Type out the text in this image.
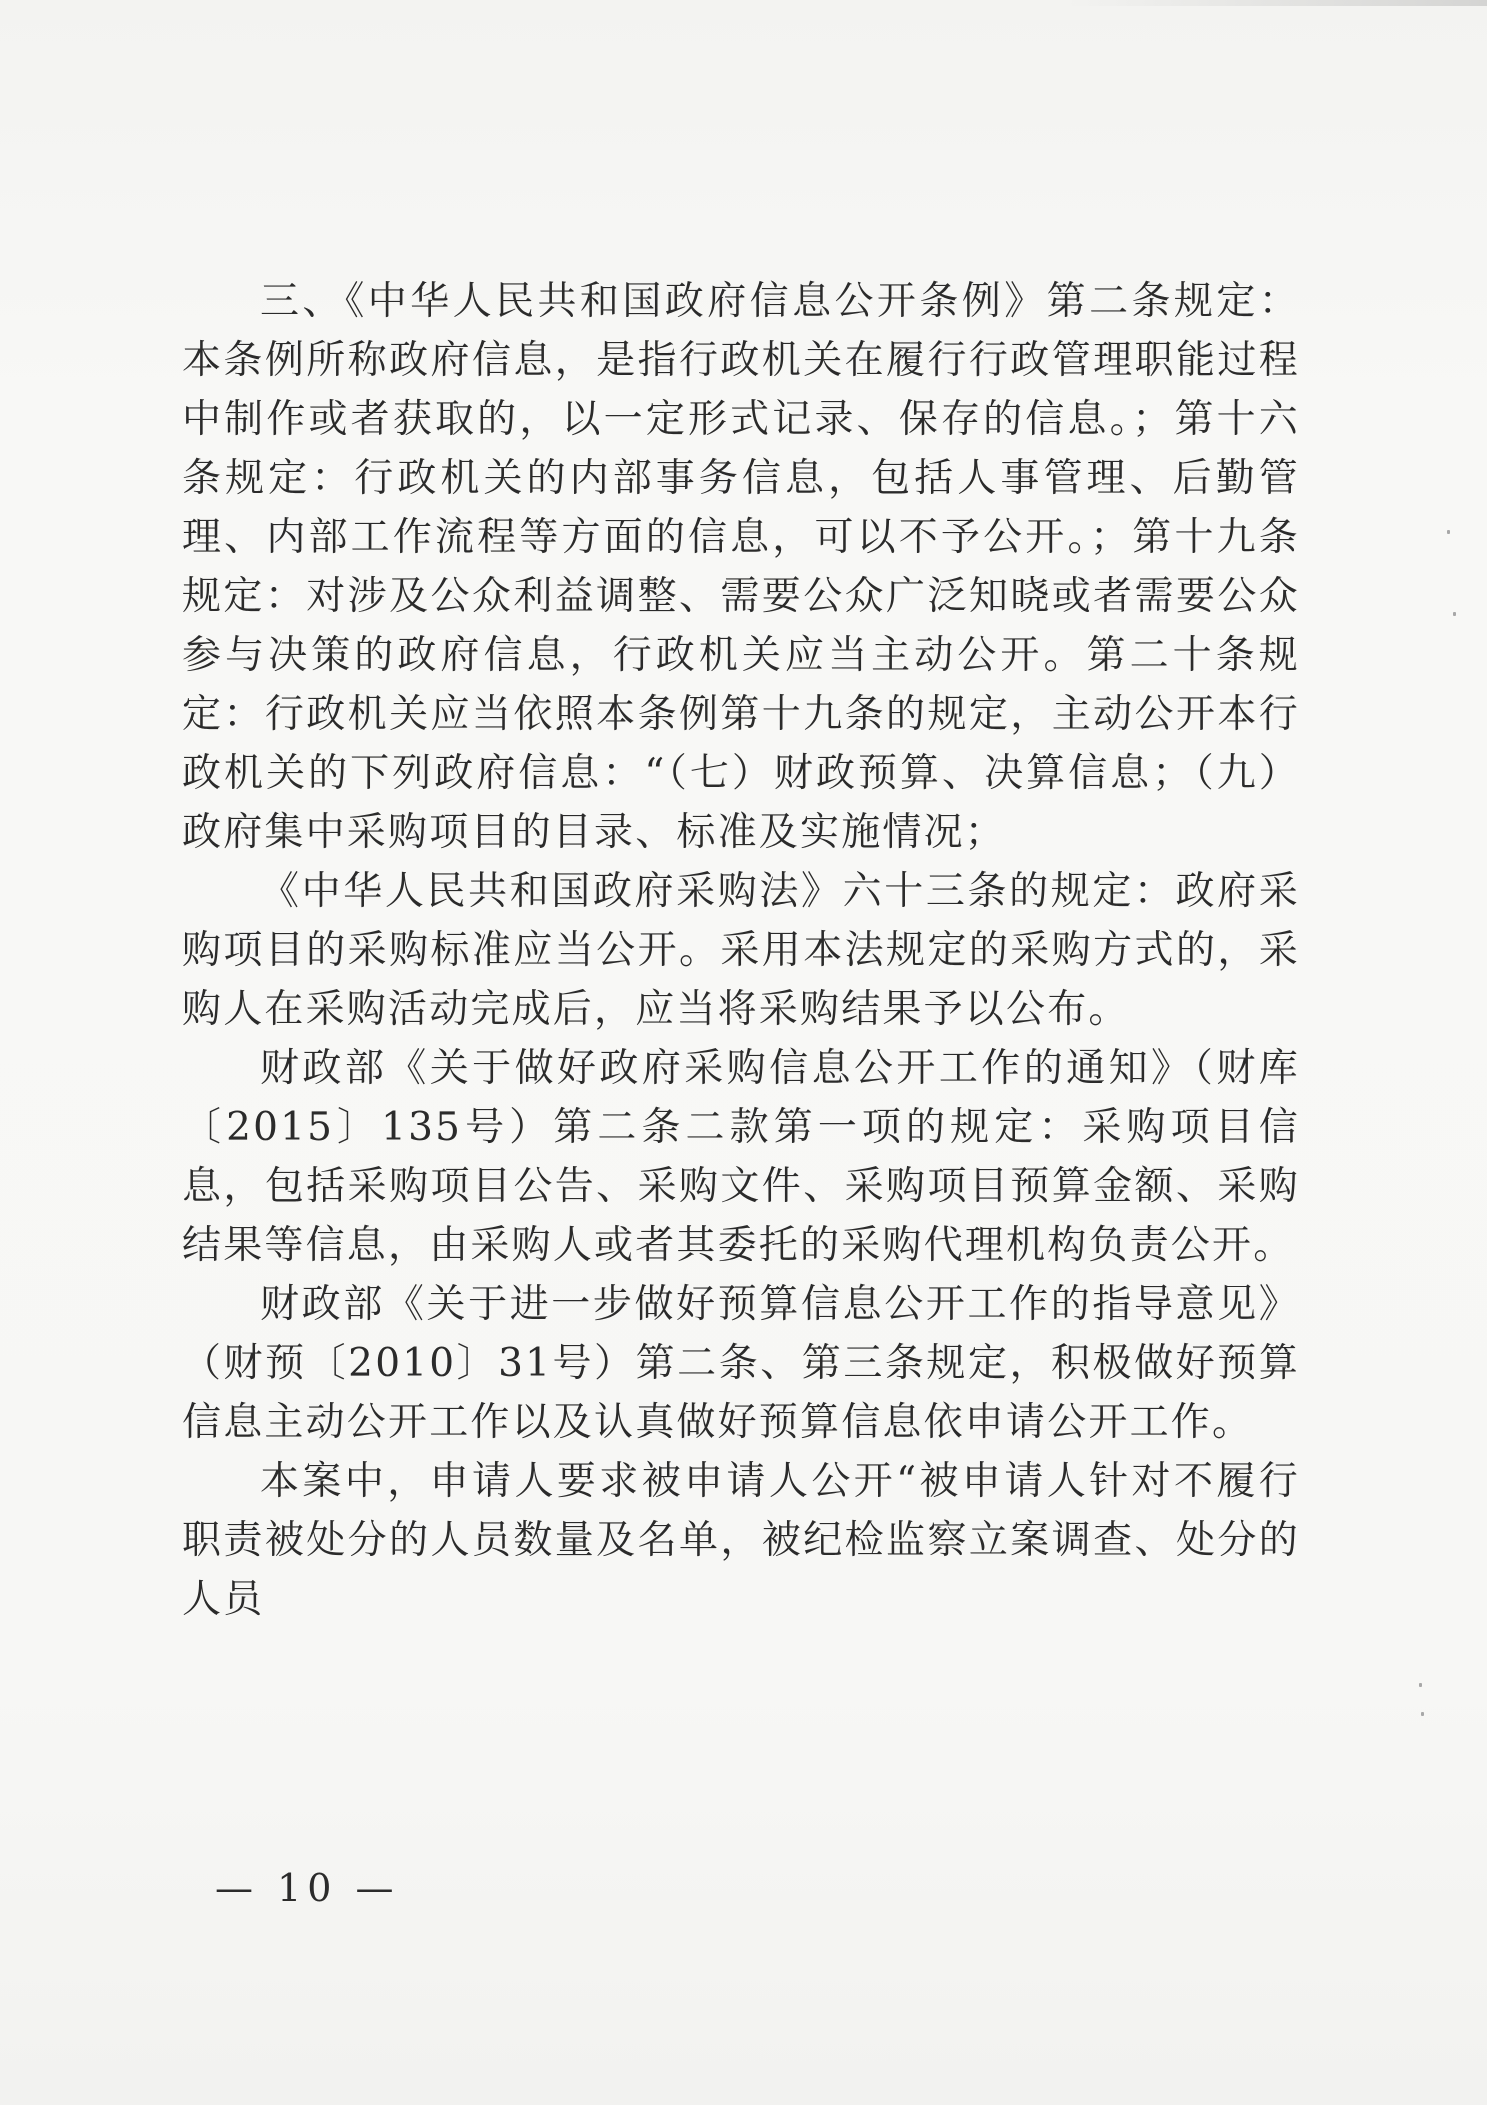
三、《中华人民共和国政府信息公开条例》第二条规定：本条例所称政府信息，是指行政机关在履行行政管理职能过程中制作或者获取的，以一定形式记录、保存的信息。；第十六条规定：行政机关的内部事务信息，包括人事管理、后勤管理、内部工作流程等方面的信息，可以不予公开。；第十九条规定：对涉及公众利益调整、需要公众广泛知晓或者需要公众参与决策的政府信息，行政机关应当主动公开。第二十条规定：行政机关应当依照本条例第十九条的规定，主动公开本行政机关的下列政府信息：“（七）财政预算、决算信息；（九）政府集中采购项目的目录、标准及实施情况；

《中华人民共和国政府采购法》六十三条的规定：政府采购项目的采购标准应当公开。采用本法规定的采购方式的，采购人在采购活动完成后，应当将采购结果予以公布。

财政部《关于做好政府采购信息公开工作的通知》（财库〔2015〕135号）第二条二款第一项的规定：采购项目信息，包括采购项目公告、采购文件、采购项目预算金额、采购结果等信息，由采购人或者其委托的采购代理机构负责公开。

财政部《关于进一步做好预算信息公开工作的指导意见》（财预〔2010〕31号）第二条、第三条规定，积极做好预算信息主动公开工作以及认真做好预算信息依申请公开工作。

本案中，申请人要求被申请人公开“被申请人针对不履行职责被处分的人员数量及名单，被纪检监察立案调查、处分的人员

— 10 —
